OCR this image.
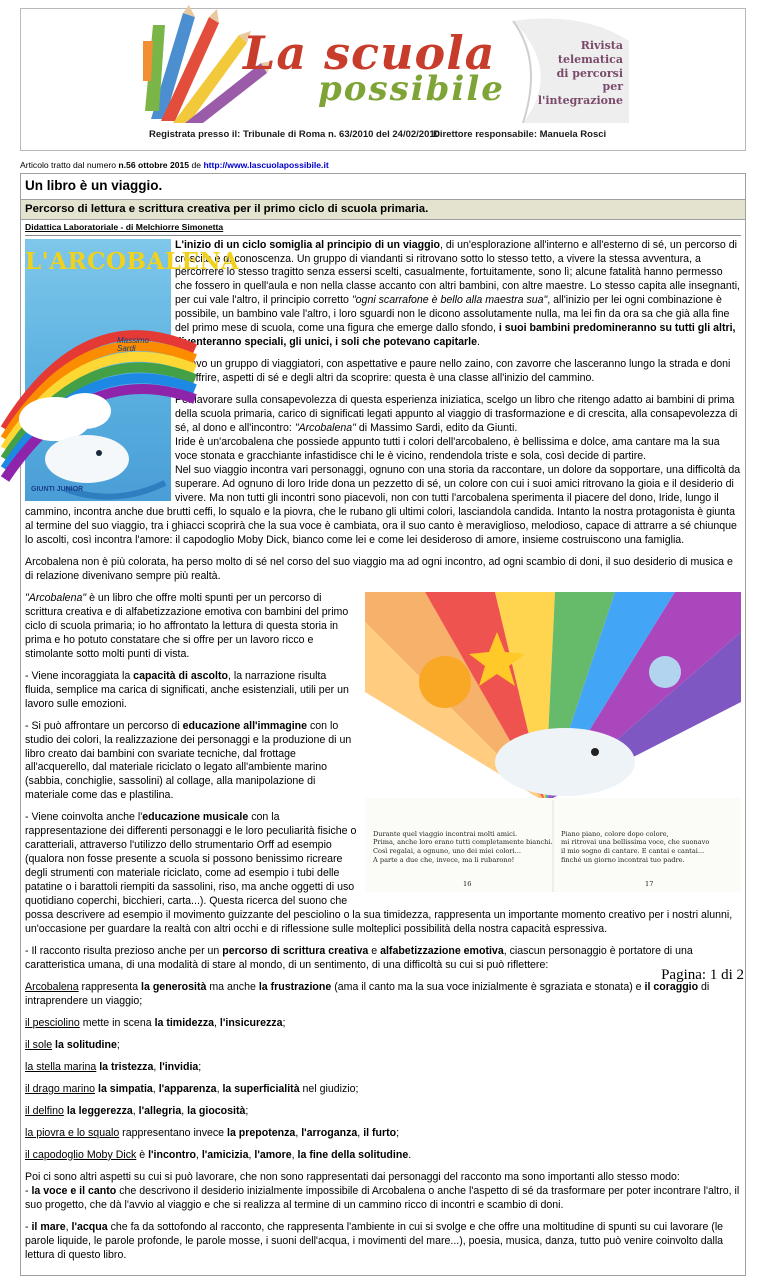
La scuola
possibile
Rivista
telematica
di percorsi
per l'integrazione
Registrata presso il: Tribunale di Roma n. 63/2010 del 24/02/2010
Direttore responsabile: Manuela Rosci
Articolo tratto dal numero n.56 ottobre 2015 de http://www.lascuolapossibile.it
Un libro è un viaggio.
Percorso di lettura e scrittura creativa per il primo ciclo di scuola primaria.
Didattica Laboratoriale - di Melchiorre Simonetta
L'ARCOBALENA
Massimo
Sardi
GIUNTI JUNIOR

L'inizio di un ciclo somiglia al principio di un viaggio, di un'esplorazione all'interno e all'esterno di sé, un percorso di crescita e di conoscenza. Un gruppo di viandanti si ritrovano sotto lo stesso tetto, a vivere la stessa avventura, a percorrere lo stesso tragitto senza essersi scelti, casualmente, fortuitamente, sono lì; alcune fatalità hanno permesso che fossero in quell'aula e non nella classe accanto con altri bambini, con altre maestre. Lo stesso capita alle insegnanti, per cui vale l'altro, il principio corretto "ogni scarrafone è bello alla maestra sua", all'inizio per lei ogni combinazione è possibile, un bambino vale l'altro, i loro sguardi non le dicono assolutamente nulla, ma lei fin da ora sa che già alla fine del primo mese di scuola, come una figura che emerge dallo sfondo, i suoi bambini predomineranno su tutti gli altri, diventeranno speciali, gli unici, i soli che potevano capitarle.

Dicevo un gruppo di viaggiatori, con aspettative e paure nello zaino, con zavorre che lasceranno lungo la strada e doni da offrire, aspetti di sé e degli altri da scoprire: questa è una classe all'inizio del cammino.

Per lavorare sulla consapevolezza di questa esperienza iniziatica, scelgo un libro che ritengo adatto ai bambini di prima della scuola primaria, carico di significati legati appunto al viaggio di trasformazione e di crescita, alla consapevolezza di sé, al dono e all'incontro: "Arcobalena" di Massimo Sardi, edito da Giunti.
Iride è un'arcobalena che possiede appunto tutti i colori dell'arcobaleno, è bellissima e dolce, ama cantare ma la sua voce stonata e gracchiante infastidisce chi le è vicino, rendendola triste e sola, così decide di partire.
Nel suo viaggio incontra vari personaggi, ognuno con una storia da raccontare, un dolore da sopportare, una difficoltà da superare. Ad ognuno di loro Iride dona un pezzetto di sé, un colore con cui i suoi amici ritrovano la gioia e il desiderio di vivere. Ma non tutti gli incontri sono piacevoli, non con tutti l'arcobalena sperimenta il piacere del dono, Iride, lungo il cammino, incontra anche due brutti ceffi, lo squalo e la piovra, che le rubano gli ultimi colori, lasciandola candida. Intanto la nostra protagonista è giunta al termine del suo viaggio, tra i ghiacci scoprirà che la sua voce è cambiata, ora il suo canto è meraviglioso, melodioso, capace di attrarre a sé chiunque lo ascolti, così incontra l'amore: il capodoglio Moby Dick, bianco come lei e come lei desideroso di amore, insieme costruiscono una famiglia.

Arcobalena non è più colorata, ha perso molto di sé nel corso del suo viaggio ma ad ogni incontro, ad ogni scambio di doni, il suo desiderio di musica e di relazione divenivano sempre più realtà.

Durante quel viaggio incontrai molti amici.
Prima, anche loro erano tutti completamente bianchi.
Così regalai, a ognuno, uno dei miei colori...
A parte a due che, invece, ma li rubarono!
Piano piano, colore dopo colore,
mi ritrovai una bellissima voce, che suonavo
il mio sogno di cantare. E cantai e cantai...
finché un giorno incontrai tuo padre.
16	17

"Arcobalena" è un libro che offre molti spunti per un percorso di scrittura creativa e di alfabetizzazione emotiva con bambini del primo ciclo di scuola primaria; io ho affrontato la lettura di questa storia in prima e ho potuto constatare che si offre per un lavoro ricco e stimolante sotto molti punti di vista.

- Viene incoraggiata la capacità di ascolto, la narrazione risulta fluida, semplice ma carica di significati, anche esistenziali, utili per un lavoro sulle emozioni.

- Si può affrontare un percorso di educazione all'immagine con lo studio dei colori, la realizzazione dei personaggi e la produzione di un libro creato dai bambini con svariate tecniche, dal frottage all'acquerello, dal materiale riciclato o legato all'ambiente marino (sabbia, conchiglie, sassolini) al collage, alla manipolazione di materiale come das e plastilina.

- Viene coinvolta anche l'educazione musicale con la rappresentazione dei differenti personaggi e le loro peculiarità fisiche o caratteriali, attraverso l'utilizzo dello strumentario Orff ad esempio (qualora non fosse presente a scuola si possono benissimo ricreare degli strumenti con materiale riciclato, come ad esempio i tubi delle patatine o i barattoli riempiti da sassolini, riso, ma anche oggetti di uso quotidiano coperchi, bicchieri, carta...). Questa ricerca del suono che possa descrivere ad esempio il movimento guizzante del pesciolino o la sua timidezza, rappresenta un importante momento creativo per i nostri alunni, un'occasione per guardare la realtà con altri occhi e di riflessione sulle molteplici possibilità della nostra capacità espressiva.

- Il racconto risulta prezioso anche per un percorso di scrittura creativa e alfabetizzazione emotiva, ciascun personaggio è portatore di una caratteristica umana, di una modalità di stare al mondo, di un sentimento, di una difficoltà su cui si può riflettere:

Arcobalena rappresenta la generosità ma anche la frustrazione (ama il canto ma la sua voce inizialmente è sgraziata e stonata) e il coraggio di intraprendere un viaggio;

il pesciolino mette in scena la timidezza, l'insicurezza;

il sole la solitudine;

la stella marina la tristezza, l'invidia;

il drago marino la simpatia, l'apparenza, la superficialità nel giudizio;

il delfino la leggerezza, l'allegria, la giocosità;

la piovra e lo squalo rappresentano invece la prepotenza, l'arroganza, il furto;

il capodoglio Moby Dick è l'incontro, l'amicizia, l'amore, la fine della solitudine.

Poi ci sono altri aspetti su cui si può lavorare, che non sono rappresentati dai personaggi del racconto ma sono importanti allo stesso modo:
- la voce e il canto che descrivono il desiderio inizialmente impossibile di Arcobalena o anche l'aspetto di sé da trasformare per poter incontrare l'altro, il suo progetto, che dà l'avvio al viaggio e che si realizza al termine di un cammino ricco di incontri e scambio di doni.

- il mare, l'acqua che fa da sottofondo al racconto, che rappresenta l'ambiente in cui si svolge e che offre una moltitudine di spunti su cui lavorare (le parole liquide, le parole profonde, le parole mosse, i suoni dell'acqua, i movimenti del mare...), poesia, musica, danza, tutto può venire coinvolto dalla lettura di questo libro.

Pagina: 1 di 2
